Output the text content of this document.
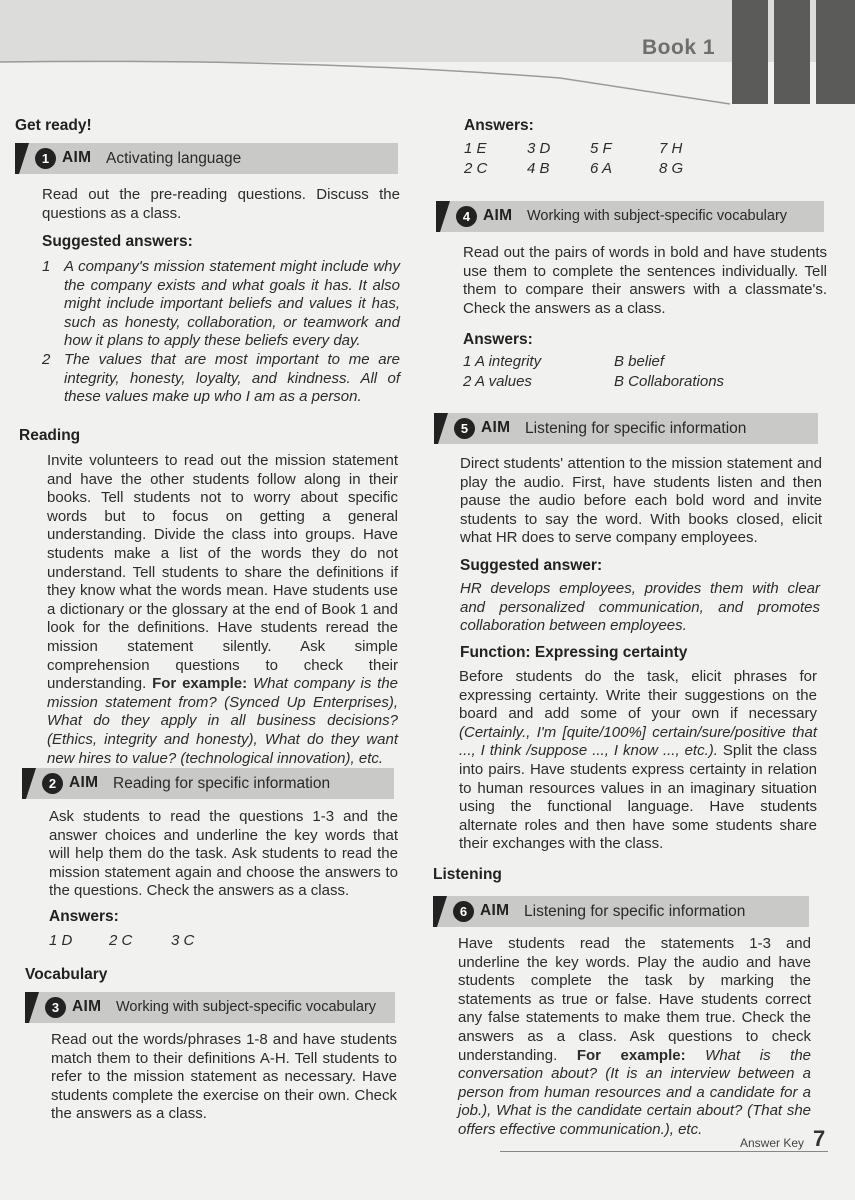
Book 1
Get ready!
1 AIM Activating language
Read out the pre-reading questions. Discuss the questions as a class.
Suggested answers:
1 A company's mission statement might include why the company exists and what goals it has. It also might include important beliefs and values it has, such as honesty, collaboration, or teamwork and how it plans to apply these beliefs every day.
2 The values that are most important to me are integrity, honesty, loyalty, and kindness. All of these values make up who I am as a person.
Reading
Invite volunteers to read out the mission statement and have the other students follow along in their books. Tell students not to worry about specific words but to focus on getting a general understanding. Divide the class into groups. Have students make a list of the words they do not understand. Tell students to share the definitions if they know what the words mean. Have students use a dictionary or the glossary at the end of Book 1 and look for the definitions. Have students reread the mission statement silently. Ask simple comprehension questions to check their understanding. For example: What company is the mission statement from? (Synced Up Enterprises), What do they apply in all business decisions? (Ethics, integrity and honesty), What do they want new hires to value? (technological innovation), etc.
2 AIM Reading for specific information
Ask students to read the questions 1-3 and the answer choices and underline the key words that will help them do the task. Ask students to read the mission statement again and choose the answers to the questions. Check the answers as a class.
Answers:
1 D 2 C	3 C
Vocabulary
3 AIM Working with subject-specific vocabulary
Read out the words/phrases 1-8 and have students match them to their definitions A-H. Tell students to refer to the mission statement as necessary. Have students complete the exercise on their own. Check the answers as a class.
Answers:
1 E	3 D	5 F	7 H
2 C	4 B	6 A	8 G
4 AIM Working with subject-specific vocabulary
Read out the pairs of words in bold and have students use them to complete the sentences individually. Tell them to compare their answers with a classmate's. Check the answers as a class.
Answers:
1 A integrity	B belief
2 A values	B Collaborations
5 AIM Listening for specific information
Direct students' attention to the mission statement and play the audio. First, have students listen and then pause the audio before each bold word and invite students to say the word. With books closed, elicit what HR does to serve company employees.
Suggested answer:
HR develops employees, provides them with clear and personalized communication, and promotes collaboration between employees.
Function: Expressing certainty
Before students do the task, elicit phrases for expressing certainty. Write their suggestions on the board and add some of your own if necessary (Certainly., I'm [quite/100%] certain/sure/positive that ..., I think /suppose ..., I know ..., etc.). Split the class into pairs. Have students express certainty in relation to human resources values in an imaginary situation using the functional language. Have students alternate roles and then have some students share their exchanges with the class.
Listening
6 AIM Listening for specific information
Have students read the statements 1-3 and underline the key words. Play the audio and have students complete the task by marking the statements as true or false. Have students correct any false statements to make them true. Check the answers as a class. Ask questions to check understanding. For example: What is the conversation about? (It is an interview between a person from human resources and a candidate for a job.), What is the candidate certain about? (That she offers effective communication.), etc.
Answer Key 7
